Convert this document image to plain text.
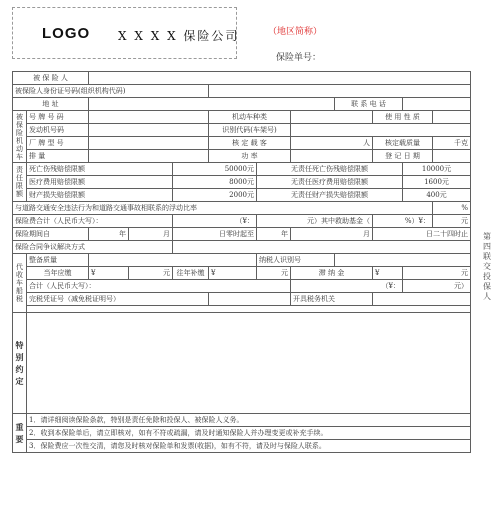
LOGO X X X X 保险公司	（地区简称）
保险单号：
被 保 险 人											
被保险人身份证号码(组织机构代码)											
地 址								联 系 电 话			
被保险机动车	号 牌 号 码				机动车种类				使 用 性 质		
	发动机号码				识别代码(车架号)						
	厂 牌 型 号				核 定 载 客		人		核定载质量		千克
	排 量				功 率				登 记 日 期		
责任限额	死亡伤残赔偿限额			50000元		无责任死亡伤残赔偿限额				10000元	
	医疗费用赔偿限额			8000元		无责任医疗费用赔偿限额				1600元	
	财产损失赔偿限额			2000元		无责任财产损失赔偿限额				400元	
与道路交通安全违法行为和道路交通事故相联系的浮动比率											%
保险费合计（人民币大写）：				（¥：		元）其中救助基金（			%）¥：		元
保险期间自		年	月	日零时起至		年	月		日二十四时止		
保险合同争议解决方式											
代收车船税	整备质量					纳税人识别号					
	当年应缴	¥	元	往年补缴	¥	元	滞 纳 金		¥	元	
	合计（人民币大写）：						（¥：			元）	
	完税凭证号（减免税证明号）						开具税务机关				

特别约定											
重要	1．请详细阅读保险条款，特别是责任免除和投保人、被保险人义务。										
	2．收到本保险单后，请立即核对，如有不符或疏漏，请及时通知保险人并办理变更或补充手续。										
	3．保险费应一次性交清，请您及时核对保险单和发票(收据)，如有不符，请及时与保险人联系。										
第四联　交投保人
